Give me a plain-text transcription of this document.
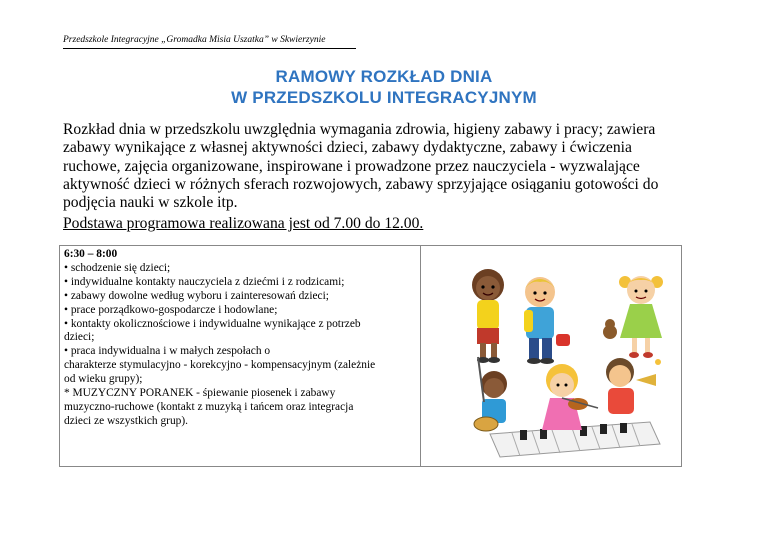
Przedszkole Integracyjne „Gromadka Misia Uszatka” w Skwierzynie
RAMOWY ROZKŁAD DNIA
W PRZEDSZKOLU INTEGRACYJNYM
Rozkład dnia w przedszkolu uwzględnia wymagania zdrowia, higieny zabawy i pracy; zawiera
zabawy wynikające z własnej aktywności dzieci, zabawy dydaktyczne, zabawy i ćwiczenia
ruchowe, zajęcia organizowane, inspirowane i prowadzone przez nauczyciela - wyzwalające
aktywność dzieci w różnych sferach rozwojowych, zabawy sprzyjające osiąganiu gotowości do
podjęcia nauki w szkole itp.
Podstawa programowa realizowana jest od 7.00 do 12.00.
6:30 – 8:00
• schodzenie się dzieci;
• indywidualne kontakty nauczyciela z dziećmi i z rodzicami;
• zabawy dowolne według wyboru i zainteresowań dzieci;
• prace porządkowo-gospodarcze i hodowlane;
• kontakty okolicznościowe i indywidualne wynikające z potrzeb
dzieci;
• praca indywidualna i w małych zespołach o
charakterze stymulacyjno - korekcyjno - kompensacyjnym (zależnie
od wieku grupy);
* MUZYCZNY PORANEK - śpiewanie piosenek i zabawy
muzyczno-ruchowe (kontakt z muzyką i tańcem oraz integracja
dzieci ze wszystkich grup).
